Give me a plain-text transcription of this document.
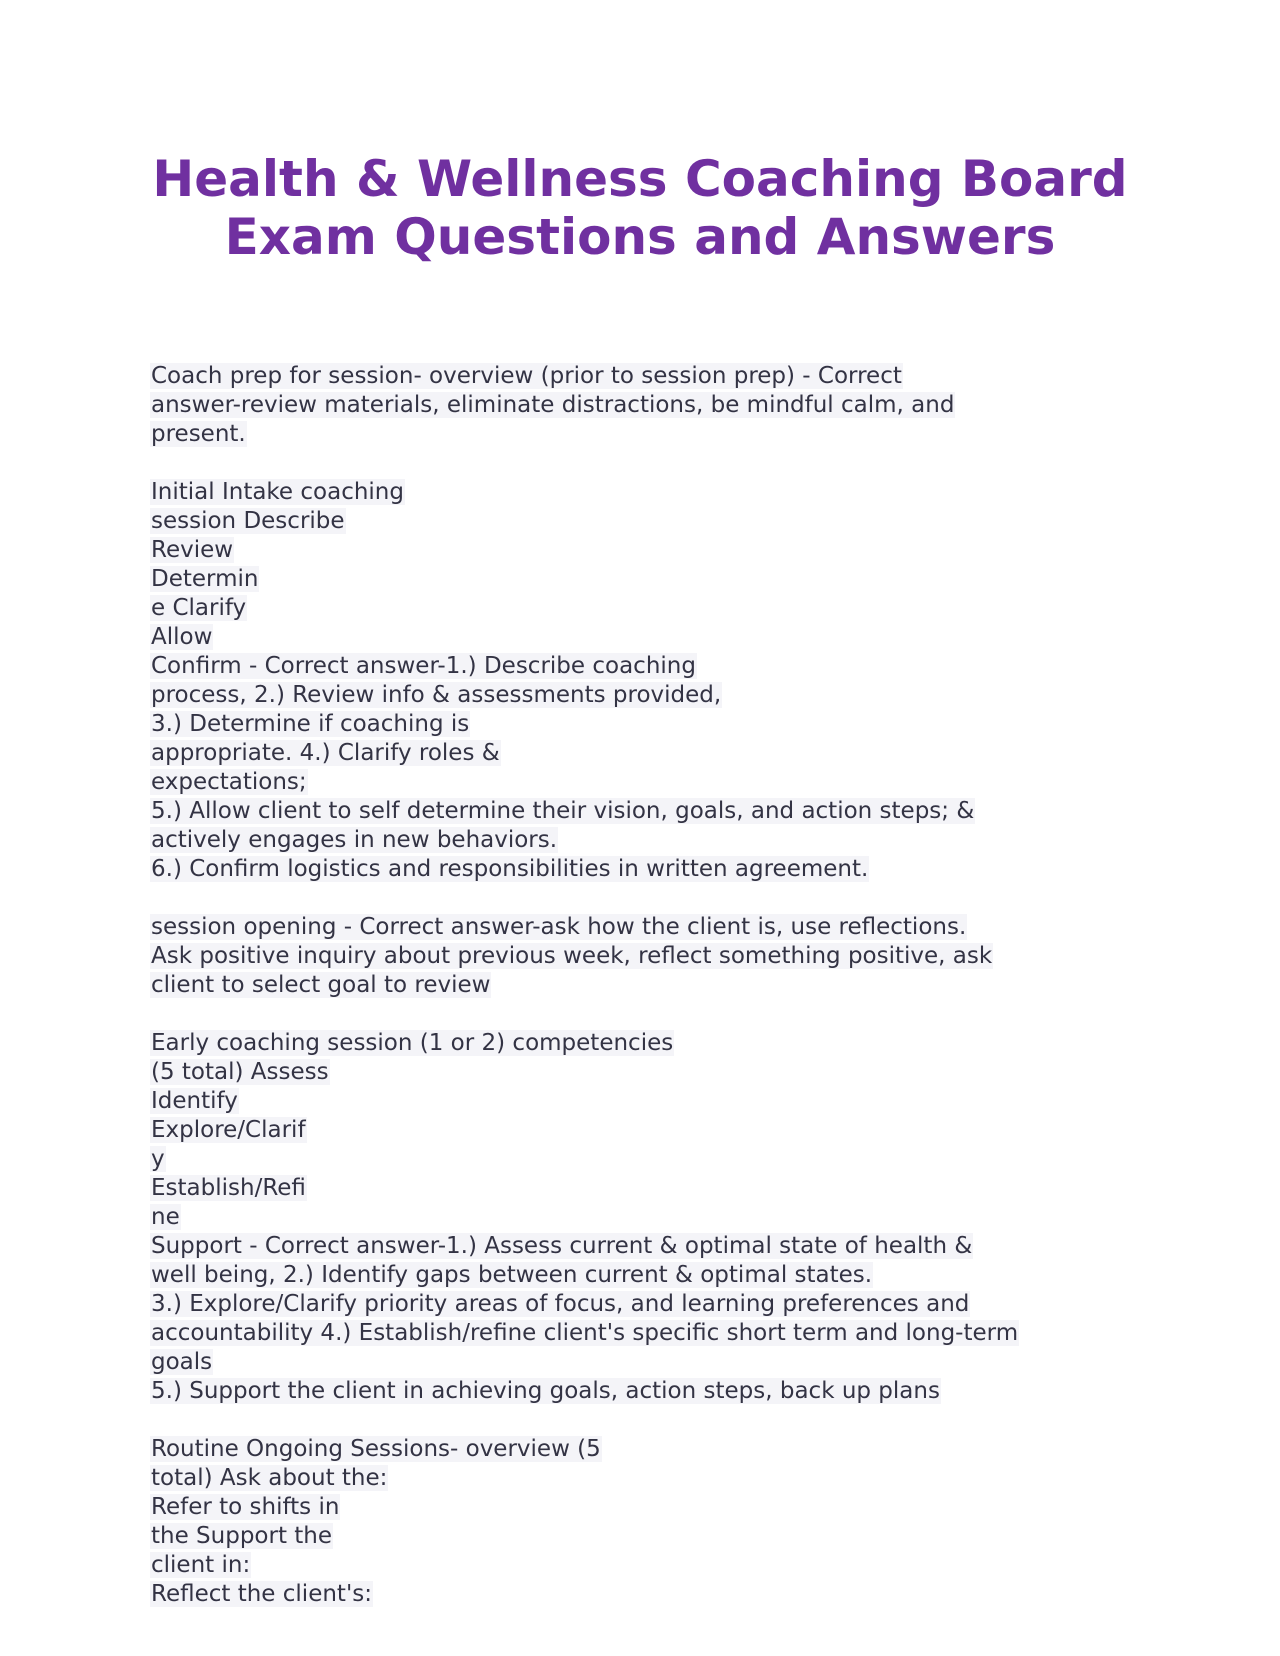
Health & Wellness Coaching Board
Exam Questions and Answers
Coach prep for session- overview (prior to session prep) - Correct
answer-review materials, eliminate distractions, be mindful calm, and
present.
Initial Intake coaching
session Describe
Review
Determin
e Clarify
Allow
Confirm - Correct answer-1.) Describe coaching
process, 2.) Review info & assessments provided,
3.) Determine if coaching is
appropriate. 4.) Clarify roles &
expectations;
5.) Allow client to self determine their vision, goals, and action steps; &
actively engages in new behaviors.
6.) Confirm logistics and responsibilities in written agreement.
session opening - Correct answer-ask how the client is, use reflections.
Ask positive inquiry about previous week, reflect something positive, ask
client to select goal to review
Early coaching session (1 or 2) competencies
(5 total) Assess
Identify
Explore/Clarif
y
Establish/Refi
ne
Support - Correct answer-1.) Assess current & optimal state of health &
well being, 2.) Identify gaps between current & optimal states.
3.) Explore/Clarify priority areas of focus, and learning preferences and
accountability 4.) Establish/refine client's specific short term and long-term
goals
5.) Support the client in achieving goals, action steps, back up plans
Routine Ongoing Sessions- overview (5
total) Ask about the:
Refer to shifts in
the Support the
client in:
Reflect the client's:
